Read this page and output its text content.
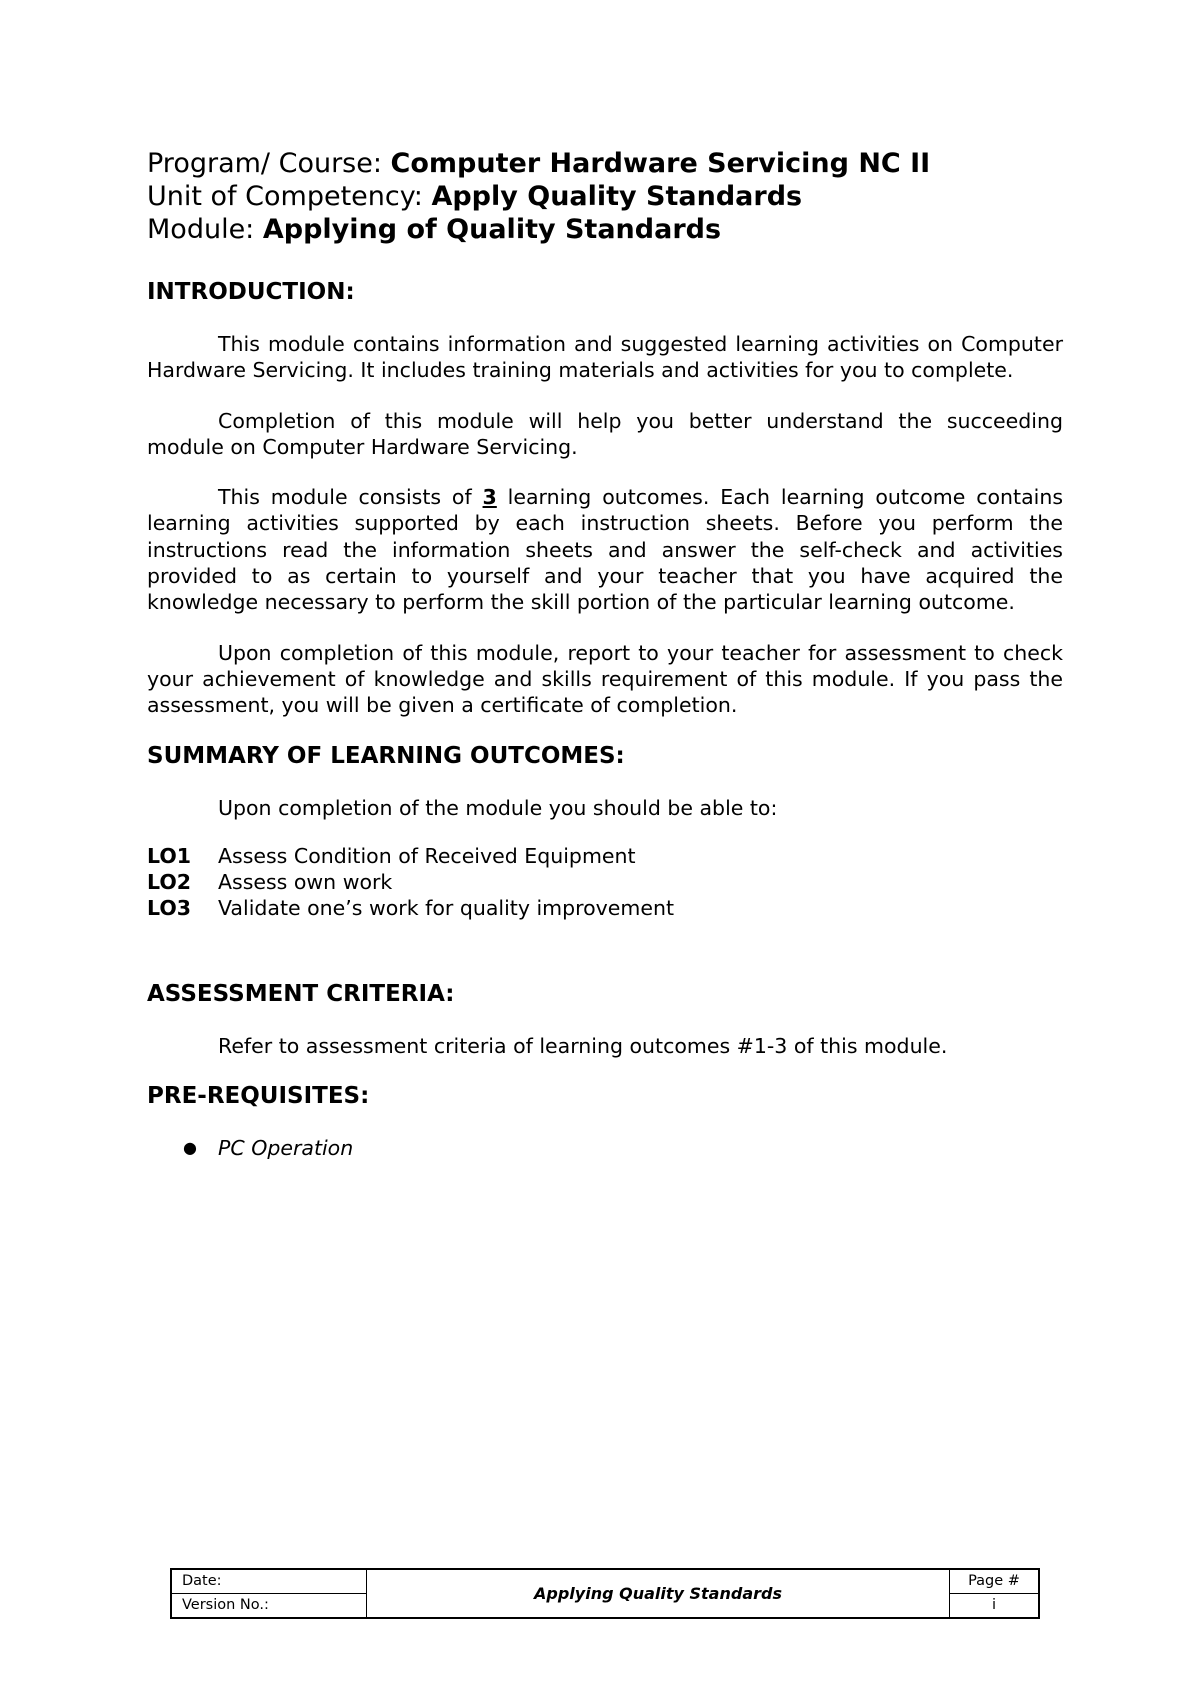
Program/ Course: Computer Hardware Servicing NC II

Unit of Competency: Apply Quality Standards

Module: Applying of Quality Standards

INTRODUCTION:

This module contains information and suggested learning activities on Computer Hardware Servicing. It includes training materials and activities for you to complete.

Completion of this module will help you better understand the succeeding module on Computer Hardware Servicing.

This module consists of 3 learning outcomes. Each learning outcome contains learning activities supported by each instruction sheets. Before you perform the instructions read the information sheets and answer the self-check and activities provided to as certain to yourself and your teacher that you have acquired the knowledge necessary to perform the skill portion of the particular learning outcome.

Upon completion of this module, report to your teacher for assessment to check your achievement of knowledge and skills requirement of this module. If you pass the assessment, you will be given a certificate of completion.

SUMMARY OF LEARNING OUTCOMES:

Upon completion of the module you should be able to:

LO1	Assess Condition of Received Equipment
LO2	Assess own work
LO3	Validate one’s work for quality improvement
ASSESSMENT CRITERIA:

Refer to assessment criteria of learning outcomes #1-3 of this module.

PRE-REQUISITES:
●	PC Operation
Date:
Version No.:
Applying Quality Standards
Page #
i
